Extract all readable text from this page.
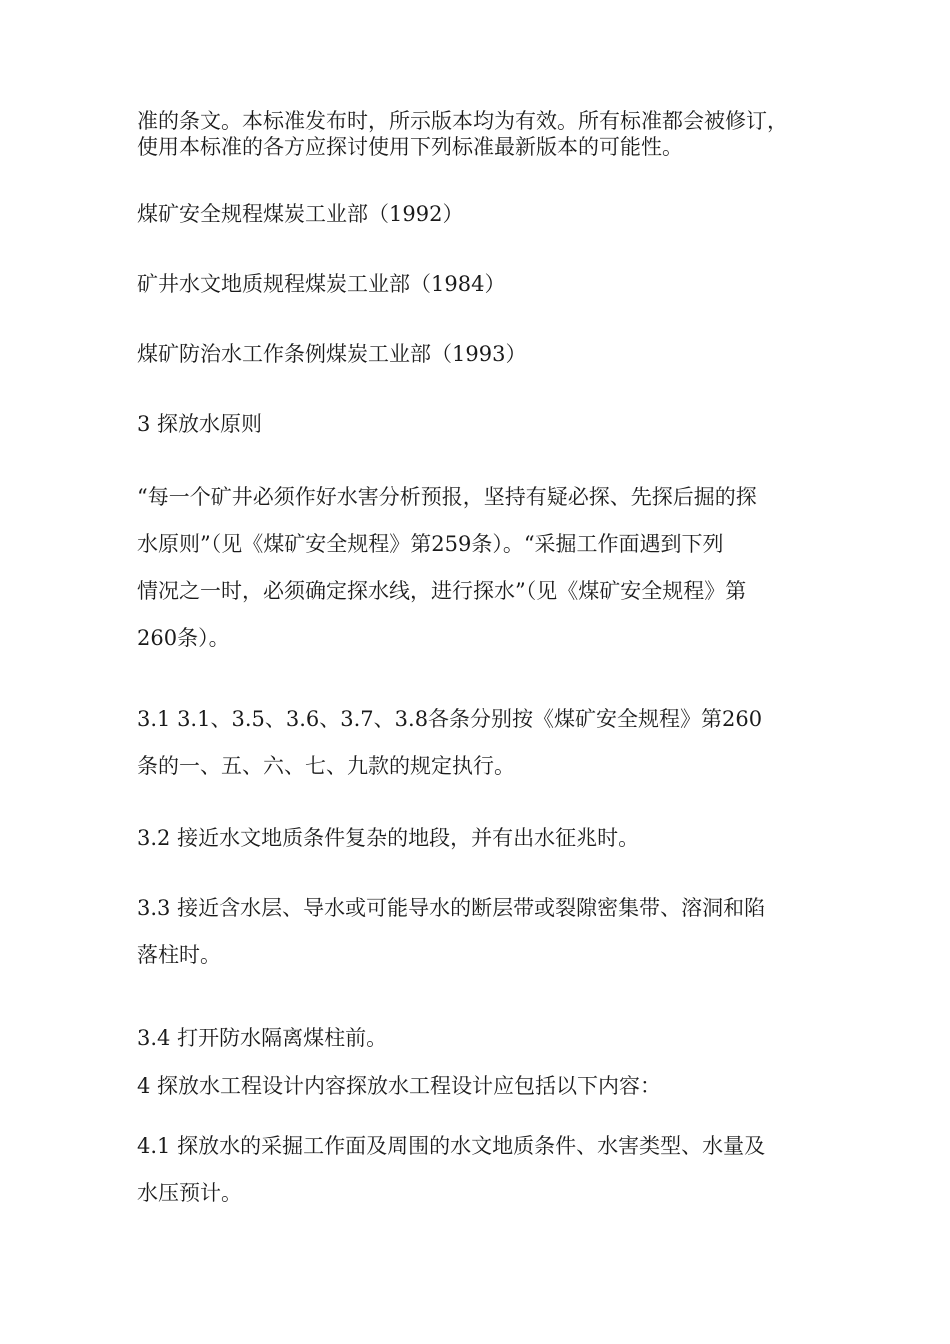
准的条文。本标准发布时，所示版本均为有效。所有标准都会被修订，
使用本标准的各方应探讨使用下列标准最新版本的可能性。
煤矿安全规程煤炭工业部（1992）
矿井水文地质规程煤炭工业部（1984）
煤矿防治水工作条例煤炭工业部（1993）
3 探放水原则
“每一个矿井必须作好水害分析预报，坚持有疑必探、先探后掘的探
水原则”（见《煤矿安全规程》第259条）。“采掘工作面遇到下列
情况之一时，必须确定探水线，进行探水”（见《煤矿安全规程》第
260条）。
3.1 3.1、3.5、3.6、3.7、3.8各条分别按《煤矿安全规程》第260
条的一、五、六、七、九款的规定执行。
3.2 接近水文地质条件复杂的地段，并有出水征兆时。
3.3 接近含水层、导水或可能导水的断层带或裂隙密集带、溶洞和陷
落柱时。
3.4 打开防水隔离煤柱前。
4 探放水工程设计内容探放水工程设计应包括以下内容：
4.1 探放水的采掘工作面及周围的水文地质条件、水害类型、水量及
水压预计。
